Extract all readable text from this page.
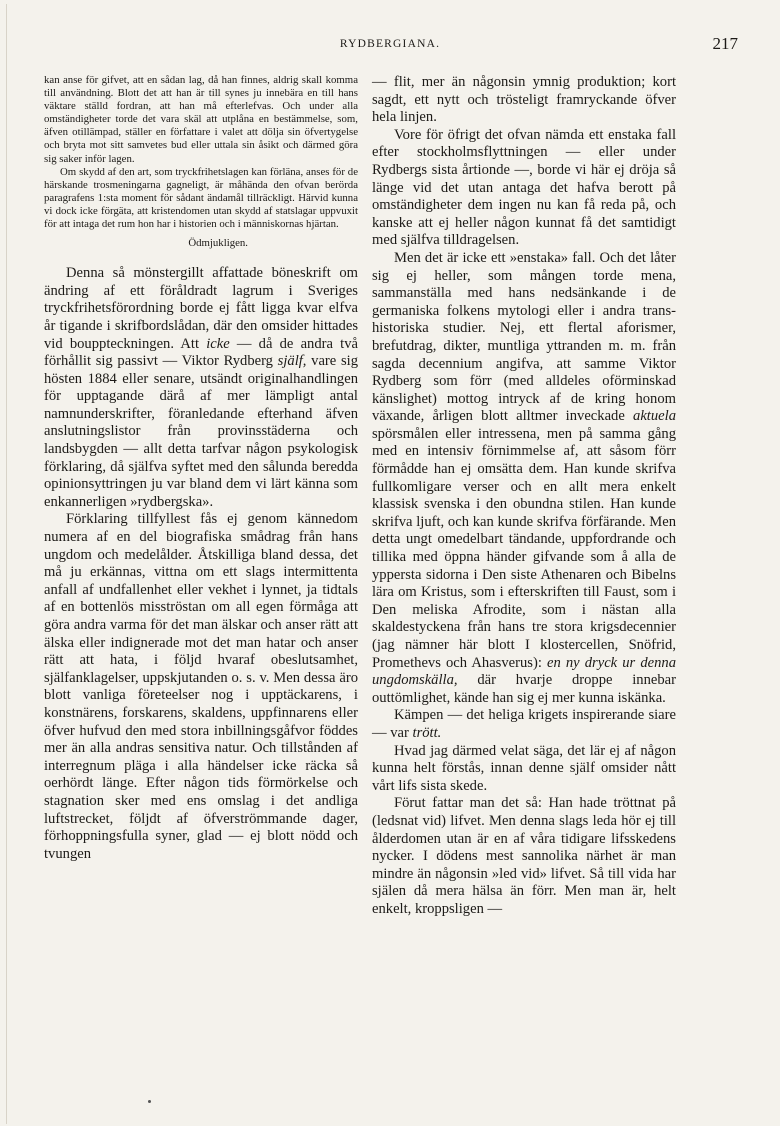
RYDBERGIANA.	217

kan anse för gifvet, att en sådan lag, då han finnes, aldrig skall komma till användning. Blott det att han är till synes ju innebära en till hans väktare ställd fordran, att han må efterlefvas. Och under alla omständigheter torde det vara skäl att utplåna en bestämmelse, som, äfven otillämpad, ställer en författare i valet att dölja sin öfvertygelse och bryta mot sitt samvetes bud eller uttala sin åsikt och därmed göra sig saker inför lagen.

Om skydd af den art, som tryckfrihetslagen kan förläna, anses för de härskande trosmeningarna gagneligt, är måhända den ofvan berörda paragrafens 1:sta moment för sådant ändamål tillräckligt. Härvid kunna vi dock icke förgäta, att kristendomen utan skydd af statslagar uppvuxit för att intaga det rum hon har i historien och i människornas hjärtan.

Ödmjukligen.

Denna så mönstergillt affattade böneskrift om ändring af ett föråldradt lagrum i Sveriges tryckfrihetsförordning borde ej fått ligga kvar elfva år tigande i skrifbordslådan, där den omsider hittades vid bouppteckningen. Att icke — då de andra två förhållit sig passivt — Viktor Rydberg själf, vare sig hösten 1884 eller senare, utsändt originalhandlingen för upptagande därå af mer lämpligt antal namnunderskrifter, föranledande efterhand äfven anslutningslistor från provinsstäderna och landsbygden — allt detta tarfvar någon psykologisk förklaring, då själfva syftet med den sålunda beredda opinionsyttringen ju var bland dem vi lärt känna som enkannerligen »rydbergska».

Förklaring tillfyllest fås ej genom kännedom numera af en del biografiska smådrag från hans ungdom och medelålder. Åtskilliga bland dessa, det må ju erkännas, vittna om ett slags intermittenta anfall af undfallenhet eller vekhet i lynnet, ja tidtals af en bottenlös misströstan om all egen förmåga att göra andra varma för det man älskar och anser rätt att älska eller indignerade mot det man hatar och anser rätt att hata, i följd hvaraf obeslutsamhet, själfanklagelser, uppskjutanden o. s. v. Men dessa äro blott vanliga företeelser nog i upptäckarens, i konstnärens, forskarens, skaldens, uppfinnarens eller öfver hufvud den med stora inbillningsgåfvor föddes mer än alla andras sensitiva natur. Och tillstånden af interregnum pläga i alla händelser icke räcka så oerhördt länge. Efter någon tids förmörkelse och stagnation sker med ens omslag i det andliga luftstrecket, följdt af öfverströmmande dager, förhoppningsfulla syner, glad — ej blott nödd och tvungen

— flit, mer än någonsin ymnig produktion; kort sagdt, ett nytt och trösteligt framryckande öfver hela linjen.

Vore för öfrigt det ofvan nämda ett enstaka fall efter stockholmsflyttningen — eller under Rydbergs sista årtionde —, borde vi här ej dröja så länge vid det utan antaga det hafva berott på omständigheter dem ingen nu kan få reda på, och kanske att ej heller någon kunnat få det samtidigt med själfva tilldragelsen.

Men det är icke ett »enstaka» fall. Och det låter sig ej heller, som mången torde mena, sammanställa med hans nedsänkande i de germaniska folkens mytologi eller i andra trans-historiska studier. Nej, ett flertal aforismer, brefutdrag, dikter, muntliga yttranden m. m. från sagda decennium angifva, att samme Viktor Rydberg som förr (med alldeles oförminskad känslighet) mottog intryck af de kring honom växande, årligen blott alltmer inveckade aktuela spörsmålen eller intressena, men på samma gång med en intensiv förnimmelse af, att såsom förr förmådde han ej omsätta dem. Han kunde skrifva fullkomligare verser och en allt mera enkelt klassisk svenska i den obundna stilen. Han kunde skrifva ljuft, och kan kunde skrifva förfärande. Men detta ungt omedelbart tändande, uppfordrande och tillika med öppna händer gifvande som å alla de yppersta sidorna i Den siste Athenaren och Bibelns lära om Kristus, som i efterskriften till Faust, som i Den meliska Afrodite, som i nästan alla skaldestyckena från hans tre stora krigsdecennier (jag nämner här blott I klostercellen, Snöfrid, Promethevs och Ahasverus): en ny dryck ur denna ungdomskälla, där hvarje droppe innebar outtömlighet, kände han sig ej mer kunna iskänka.

Kämpen — det heliga krigets inspirerande siare — var trött.

Hvad jag därmed velat säga, det lär ej af någon kunna helt förstås, innan denne själf omsider nått vårt lifs sista skede.

Förut fattar man det så: Han hade tröttnat på (ledsnat vid) lifvet. Men denna slags leda hör ej till ålderdomen utan är en af våra tidigare lifsskedens nycker. I dödens mest sannolika närhet är man mindre än någonsin »led vid» lifvet. Så till vida har själen då mera hälsa än förr. Men man är, helt enkelt, kroppsligen —
